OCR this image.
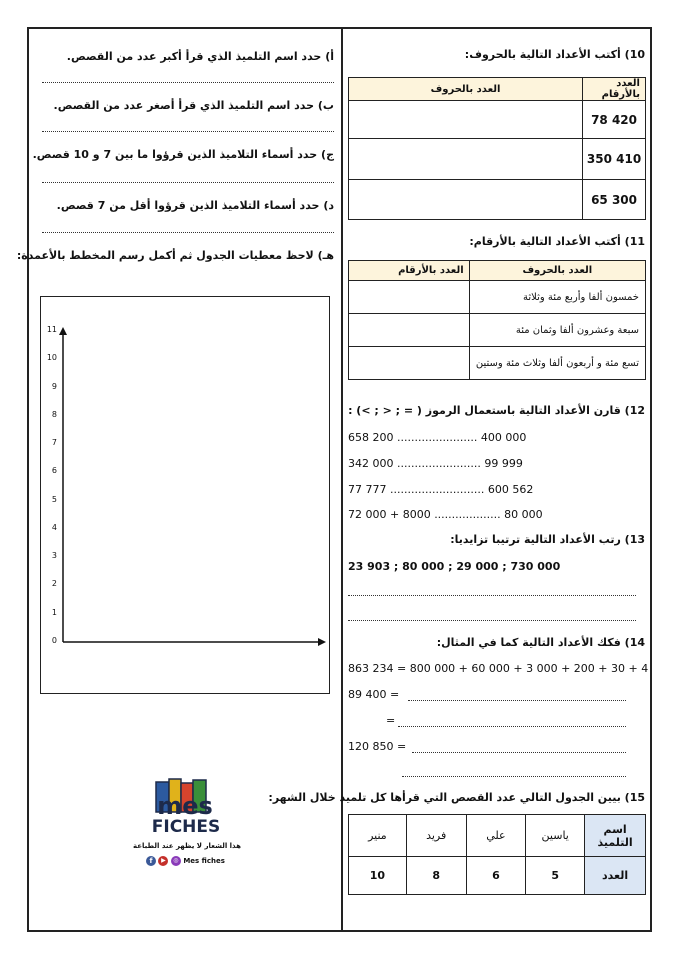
أ) حدد اسم التلميذ الذي قرأ أكبر عدد من القصص.
ب) حدد اسم التلميذ الذي قرأ أصغر عدد من القصص.
ج) حدد أسماء التلاميذ الذين قرؤوا ما بين 7 و 10 قصص.
د) حدد أسماء التلاميذ الذين قرؤوا أقل من 7 قصص.
هـ) لاحظ معطيات الجدول ثم أكمل رسم المخطط بالأعمدة:
11
10
9
8
7
6
5
4
3
2
1
0
mes
FICHES
هذا الشعار لا يظهر عند الطباعة
f ▶ ◎ Mes fiches
10) أكتب الأعداد التالية بالحروف:
العدد بالحروف	العدد بالأرقام
	78 420
	350 410
	65 300
11) أكتب الأعداد التالية بالأرقام:
العدد بالأرقام	العدد بالحروف
	خمسون ألفا وأربع مئة وثلاثة
	سبعة وعشرون ألفا وثمان مئة
	تسع مئة و أربعون ألفا وثلاث مئة وستين
12) قارن الأعداد التالية باستعمال الرموز ( = ; < ; >) :
658 200 ....................... 400 000
342 000 ........................ 99 999
77 777 ........................... 600 562
72 000 + 8000 ................... 80 000
13) رتب الأعداد التالية ترتيبا تزايديا:
23 903 ; 80 000 ; 29 000 ; 730 000
14) فكك الأعداد التالية كما في المثال:
863 234 = 800 000 + 60 000 + 3 000 + 200 + 30 + 4
89 400 =
=
120 850 =
15) بيين الجدول التالي عدد القصص التي قرأها كل تلميذ خلال الشهر:
منير	فريد	علي	ياسين	اسم التلميذ
10	8	6	5	العدد
